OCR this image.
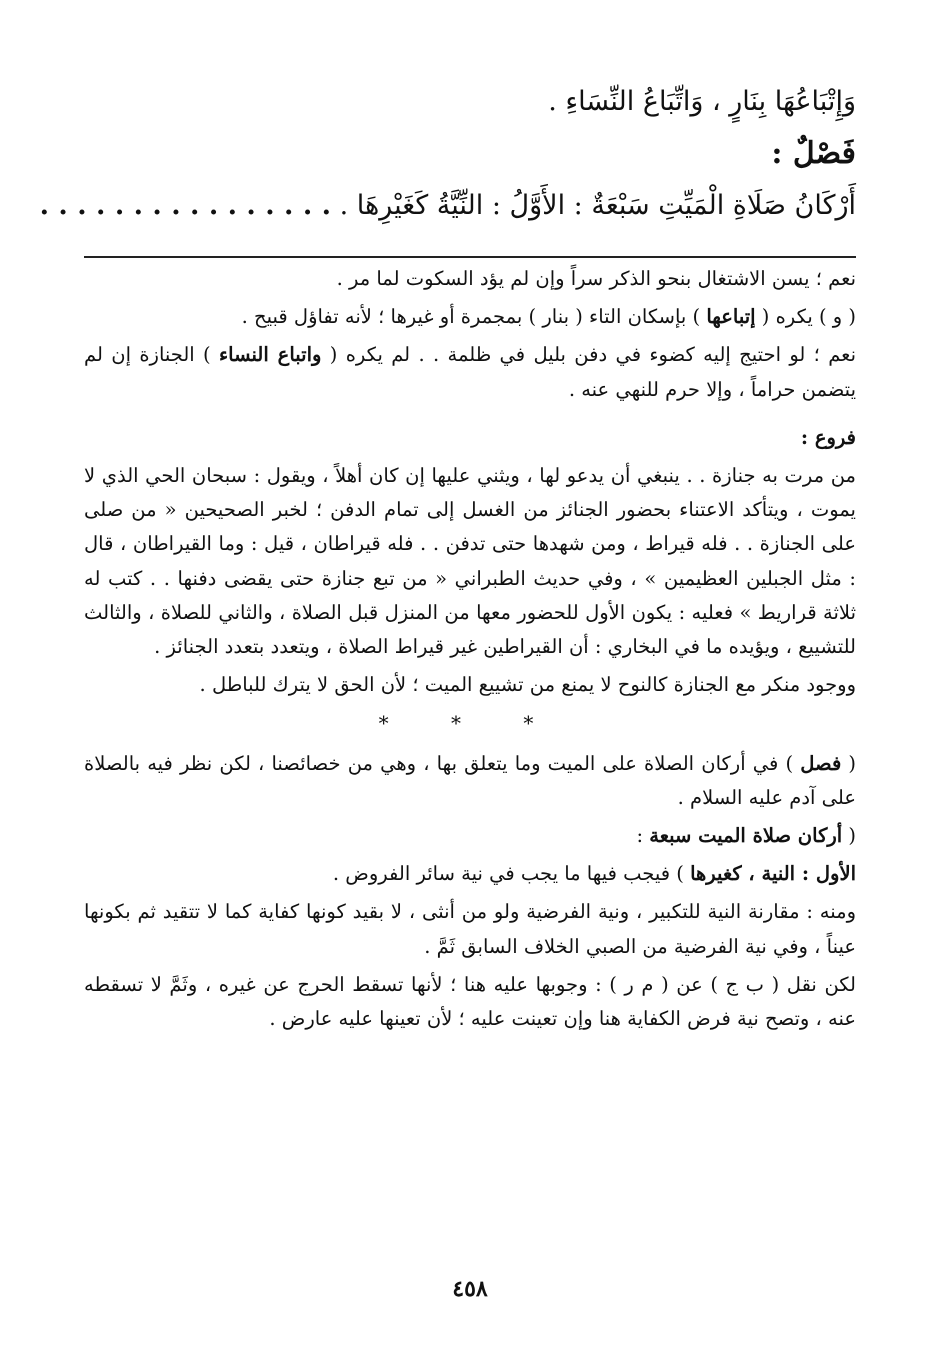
وَإِتْبَاعُهَا بِنَارٍ ، وَاتِّبَاعُ النِّسَاءِ .
فَصْلٌ :
أَرْكَانُ صَلَاةِ الْمَيِّتِ سَبْعَةٌ : الأَوَّلُ : النِّيَّةُ كَغَيْرِهَا . . . . . . . . . . . . . . . . .

نعم ؛ يسن الاشتغال بنحو الذكر سراً وإن لم يؤد السكوت لما مر .

( و ) يكره ( إتباعها ) بإسكان التاء ( بنار ) بمجمرة أو غيرها ؛ لأنه تفاؤل قبيح .

نعم ؛ لو احتيج إليه كضوء في دفن بليل في ظلمة . . لم يكره ( واتباع النساء ) الجنازة إن لم يتضمن حراماً ، وإلا حرم للنهي عنه .

فروع :

من مرت به جنازة . . ينبغي أن يدعو لها ، ويثني عليها إن كان أهلاً ، ويقول : سبحان الحي الذي لا يموت ، ويتأكد الاعتناء بحضور الجنائز من الغسل إلى تمام الدفن ؛ لخبر الصحيحين « من صلى على الجنازة . . فله قيراط ، ومن شهدها حتى تدفن . . فله قيراطان ، قيل : وما القيراطان ، قال : مثل الجبلين العظيمين » ، وفي حديث الطبراني « من تبع جنازة حتى يقضى دفنها . . كتب له ثلاثة قراريط » فعليه : يكون الأول للحضور معها من المنزل قبل الصلاة ، والثاني للصلاة ، والثالث للتشييع ، ويؤيده ما في البخاري : أن القيراطين غير قيراط الصلاة ، ويتعدد بتعدد الجنائز .

ووجود منكر مع الجنازة كالنوح لا يمنع من تشييع الميت ؛ لأن الحق لا يترك للباطل .

* * *

( فصل ) في أركان الصلاة على الميت وما يتعلق بها ، وهي من خصائصنا ، لكن نظر فيه بالصلاة على آدم عليه السلام .

( أركان صلاة الميت سبعة :

الأول : النية ، كغيرها ) فيجب فيها ما يجب في نية سائر الفروض .

ومنه : مقارنة النية للتكبير ، ونية الفرضية ولو من أنثى ، لا بقيد كونها كفاية كما لا تتقيد ثم بكونها عيناً ، وفي نية الفرضية من الصبي الخلاف السابق ثَمَّ .

لكن نقل ( ب ج ) عن ( م ر ) : وجوبها عليه هنا ؛ لأنها تسقط الحرج عن غيره ، وثَمَّ لا تسقطه عنه ، وتصح نية فرض الكفاية هنا وإن تعينت عليه ؛ لأن تعينها عليه عارض .

٤٥٨
